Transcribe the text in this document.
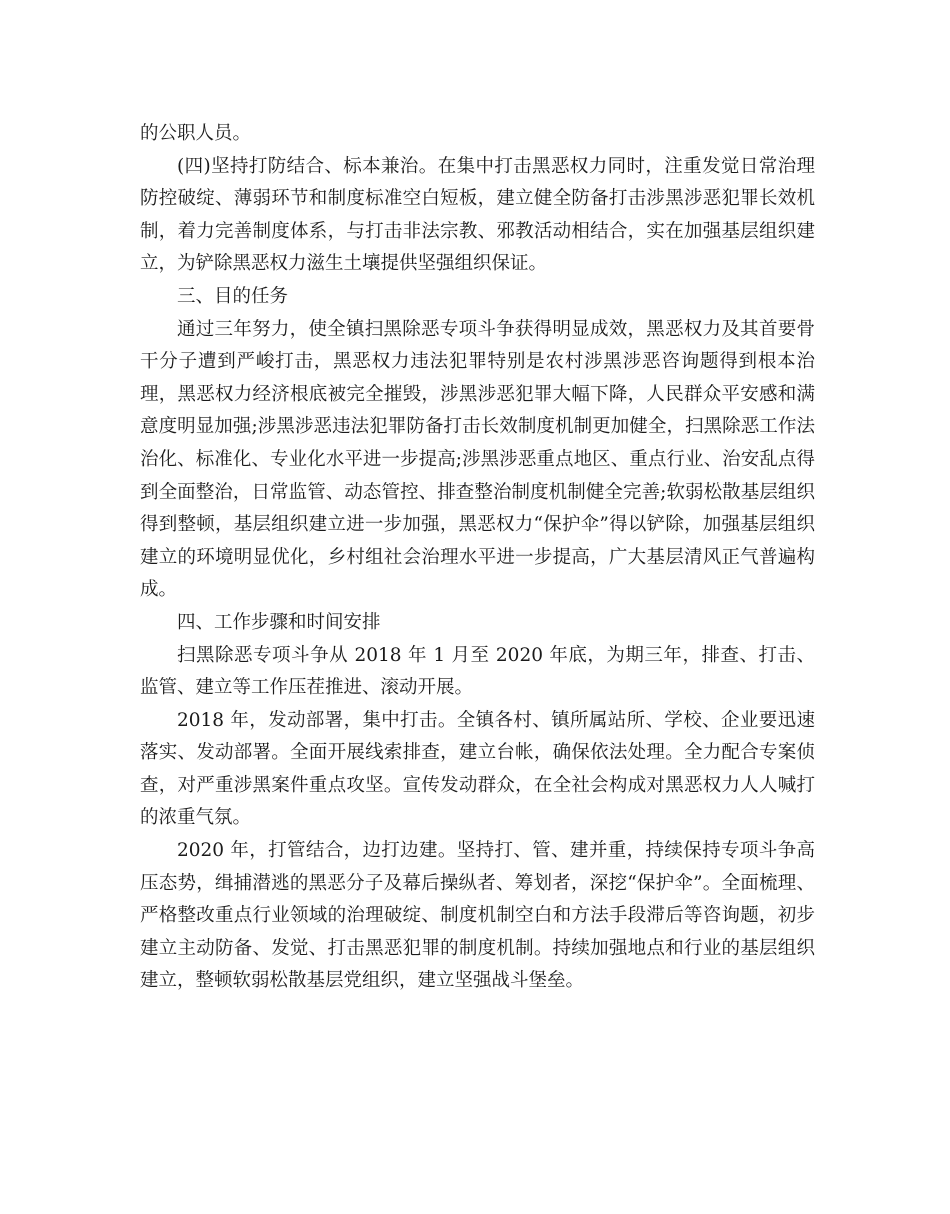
的公职人员。

(四)坚持打防结合、标本兼治。在集中打击黑恶权力同时，注重发觉日常治理防控破绽、薄弱环节和制度标准空白短板，建立健全防备打击涉黑涉恶犯罪长效机制，着力完善制度体系，与打击非法宗教、邪教活动相结合，实在加强基层组织建立，为铲除黑恶权力滋生土壤提供坚强组织保证。

三、目的任务

通过三年努力，使全镇扫黑除恶专项斗争获得明显成效，黑恶权力及其首要骨干分子遭到严峻打击，黑恶权力违法犯罪特别是农村涉黑涉恶咨询题得到根本治理，黑恶权力经济根底被完全摧毁，涉黑涉恶犯罪大幅下降，人民群众平安感和满意度明显加强;涉黑涉恶违法犯罪防备打击长效制度机制更加健全，扫黑除恶工作法治化、标准化、专业化水平进一步提高;涉黑涉恶重点地区、重点行业、治安乱点得到全面整治，日常监管、动态管控、排查整治制度机制健全完善;软弱松散基层组织得到整顿，基层组织建立进一步加强，黑恶权力“保护伞”得以铲除，加强基层组织建立的环境明显优化，乡村组社会治理水平进一步提高，广大基层清风正气普遍构成。

四、工作步骤和时间安排

扫黑除恶专项斗争从 2018 年 1 月至 2020 年底，为期三年，排查、打击、监管、建立等工作压茬推进、滚动开展。

2018 年，发动部署，集中打击。全镇各村、镇所属站所、学校、企业要迅速落实、发动部署。全面开展线索排查，建立台帐，确保依法处理。全力配合专案侦查，对严重涉黑案件重点攻坚。宣传发动群众，在全社会构成对黑恶权力人人喊打的浓重气氛。

2020 年，打管结合，边打边建。坚持打、管、建并重，持续保持专项斗争高压态势，缉捕潜逃的黑恶分子及幕后操纵者、筹划者，深挖“保护伞”。全面梳理、严格整改重点行业领域的治理破绽、制度机制空白和方法手段滞后等咨询题，初步建立主动防备、发觉、打击黑恶犯罪的制度机制。持续加强地点和行业的基层组织建立，整顿软弱松散基层党组织，建立坚强战斗堡垒。
